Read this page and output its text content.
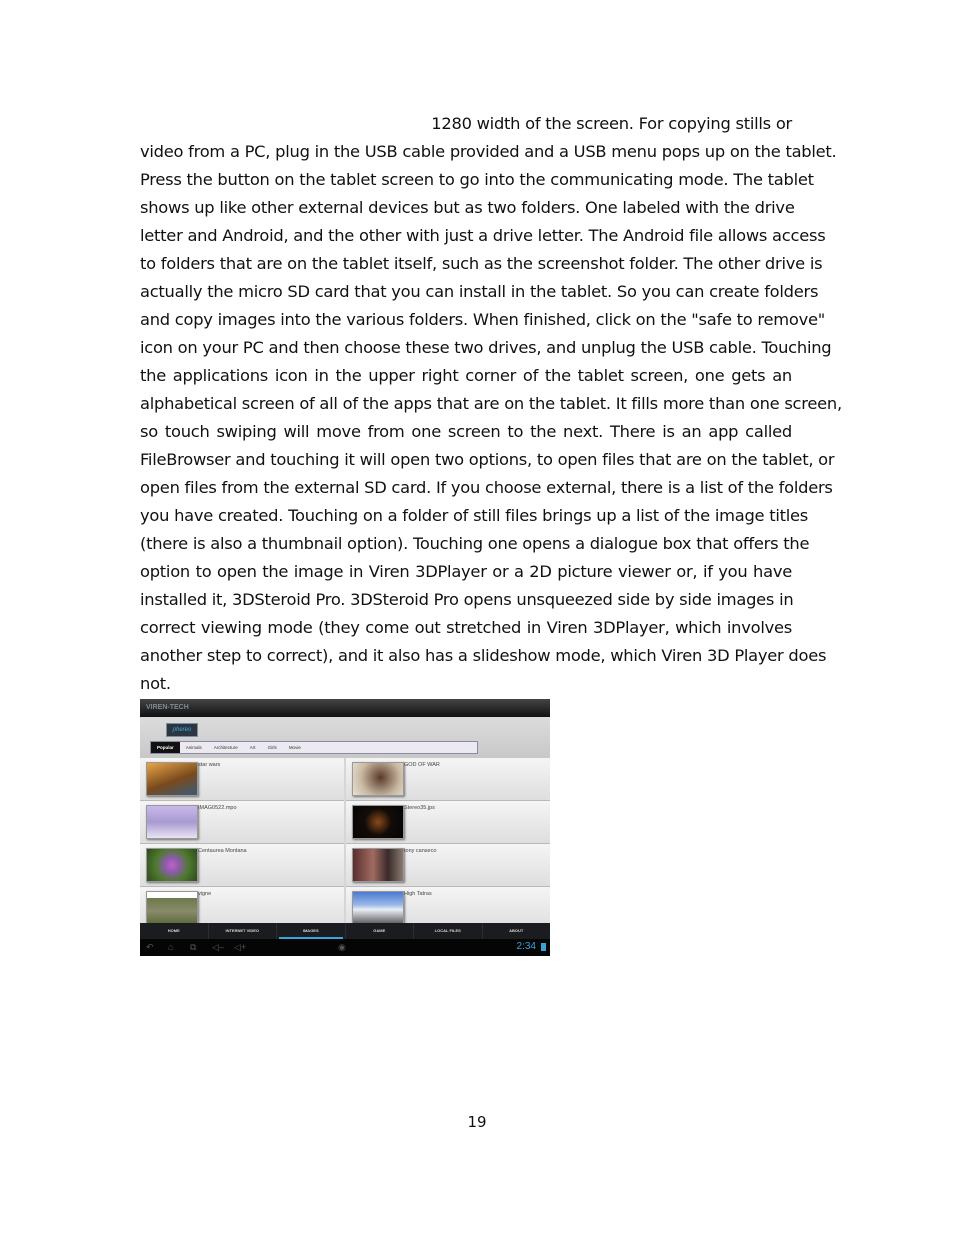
1280 width of the screen. For copying stills or
video from a PC, plug in the USB cable provided and a USB menu pops up on the tablet.
Press the button on the tablet screen to go into the communicating mode. The tablet
shows up like other external devices but as two folders. One labeled with the drive
letter and Android, and the other with just a drive letter. The Android file allows access
to folders that are on the tablet itself, such as the screenshot folder. The other drive is
actually the micro SD card that you can install in the tablet. So you can create folders
and copy images into the various folders. When finished, click on the "safe to remove"
icon on your PC and then choose these two drives, and unplug the USB cable. Touching
the applications icon in the upper right corner of the tablet screen, one gets an
alphabetical screen of all of the apps that are on the tablet. It fills more than one screen,
so touch swiping will move from one screen to the next. There is an app called
FileBrowser and touching it will open two options, to open files that are on the tablet, or
open files from the external SD card. If you choose external, there is a list of the folders
you have created. Touching on a folder of still files brings up a list of the image titles
(there is also a thumbnail option). Touching one opens a dialogue box that offers the
option to open the image in Viren 3DPlayer or a 2D picture viewer or, if you have
installed it, 3DSteroid Pro. 3DSteroid Pro opens unsqueezed side by side images in
correct viewing mode (they come out stretched in Viren 3DPlayer, which involves
another step to correct), and it also has a slideshow mode, which Viren 3D Player does
not.
VIREN-TECH
phereo
Popular	Animals	Architecture	Art	Girls	Movie
star wars	GOD OF WAR
IMAG0522.mpo	Stereo35.jps
Centaurea Montana	tony canseco
vigne	High Tatras
HOME	INTERNET VIDEO	IMAGES	GAME	LOCAL FILES	ABOUT
↶ ⌂ ⧉ ◁– ◁+	◉	2:34
19
